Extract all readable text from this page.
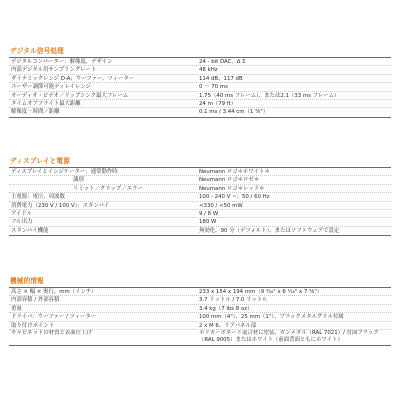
デジタル信号処理
デジタルコンバーター：解像度、デザイン	24 - bit DAC、Δ Σ
内部デジタル用サンプリングレート	48 kHz
ダイナミックレンジ D-A；ウーファー、ツィーター	114 dB、117 dB
ユーザー調節可能ディレイレンジ	0 〜 70 ms
オーディオ・ビデオ／リップシンク最大フレーム	1.75（40 ms フレーム）、または2.1（33 ms フレーム）
タイムオブフライト最大距離	24 m（79 ft）
解像度－時間／距離	0.1 ms / 3.44 cm（1 ³⁄₈"）
ディスプレイと電源
ディスプレイとインジケーター：通常動作時	Neumann ロゴ＊ホワイト＊
識別	Neumann ロゴ＊ロゼ＊
リミット／クリップ／エラー	Neumann ロゴ＊レッド＊
主電源：電圧、周波数	100 - 240 V ~；50 / 60 Hz
消費電力（230 V / 100 V）：スタンバイ	<330 / <50 mW
アイドル	9 / 8 W
フル出力	180 W
スタンバイ機能	無効化、90 分（デフォルト）、またはソフトウェアで設定
機械的情報
高さ × 幅 × 奥行、mm（インチ）	233 x 154 x 194 mm（9 ³⁄₁₆" x 6 ¹⁄₁₆" x 7 ⁵⁄₈"）
内部容積 / 外部容積	3.7 リットル / 7.0 リットル
重量	3.4 kg（7 lbs 8 oz）
ドライバ：ウーファー / ツィーター	100 mm（4"）、25 mm（1"）、ブラックメタルグリル付属
取り付けポイント	2 x M 6、リアパネル部
キャビネットの材質と表面仕上げ	ポリカーボネート混合材に塗装、ガンメタル（RAL 7021）/ 背面ブラック（RAL 9005）またはホワイト（前面背面ともにホワイト）
